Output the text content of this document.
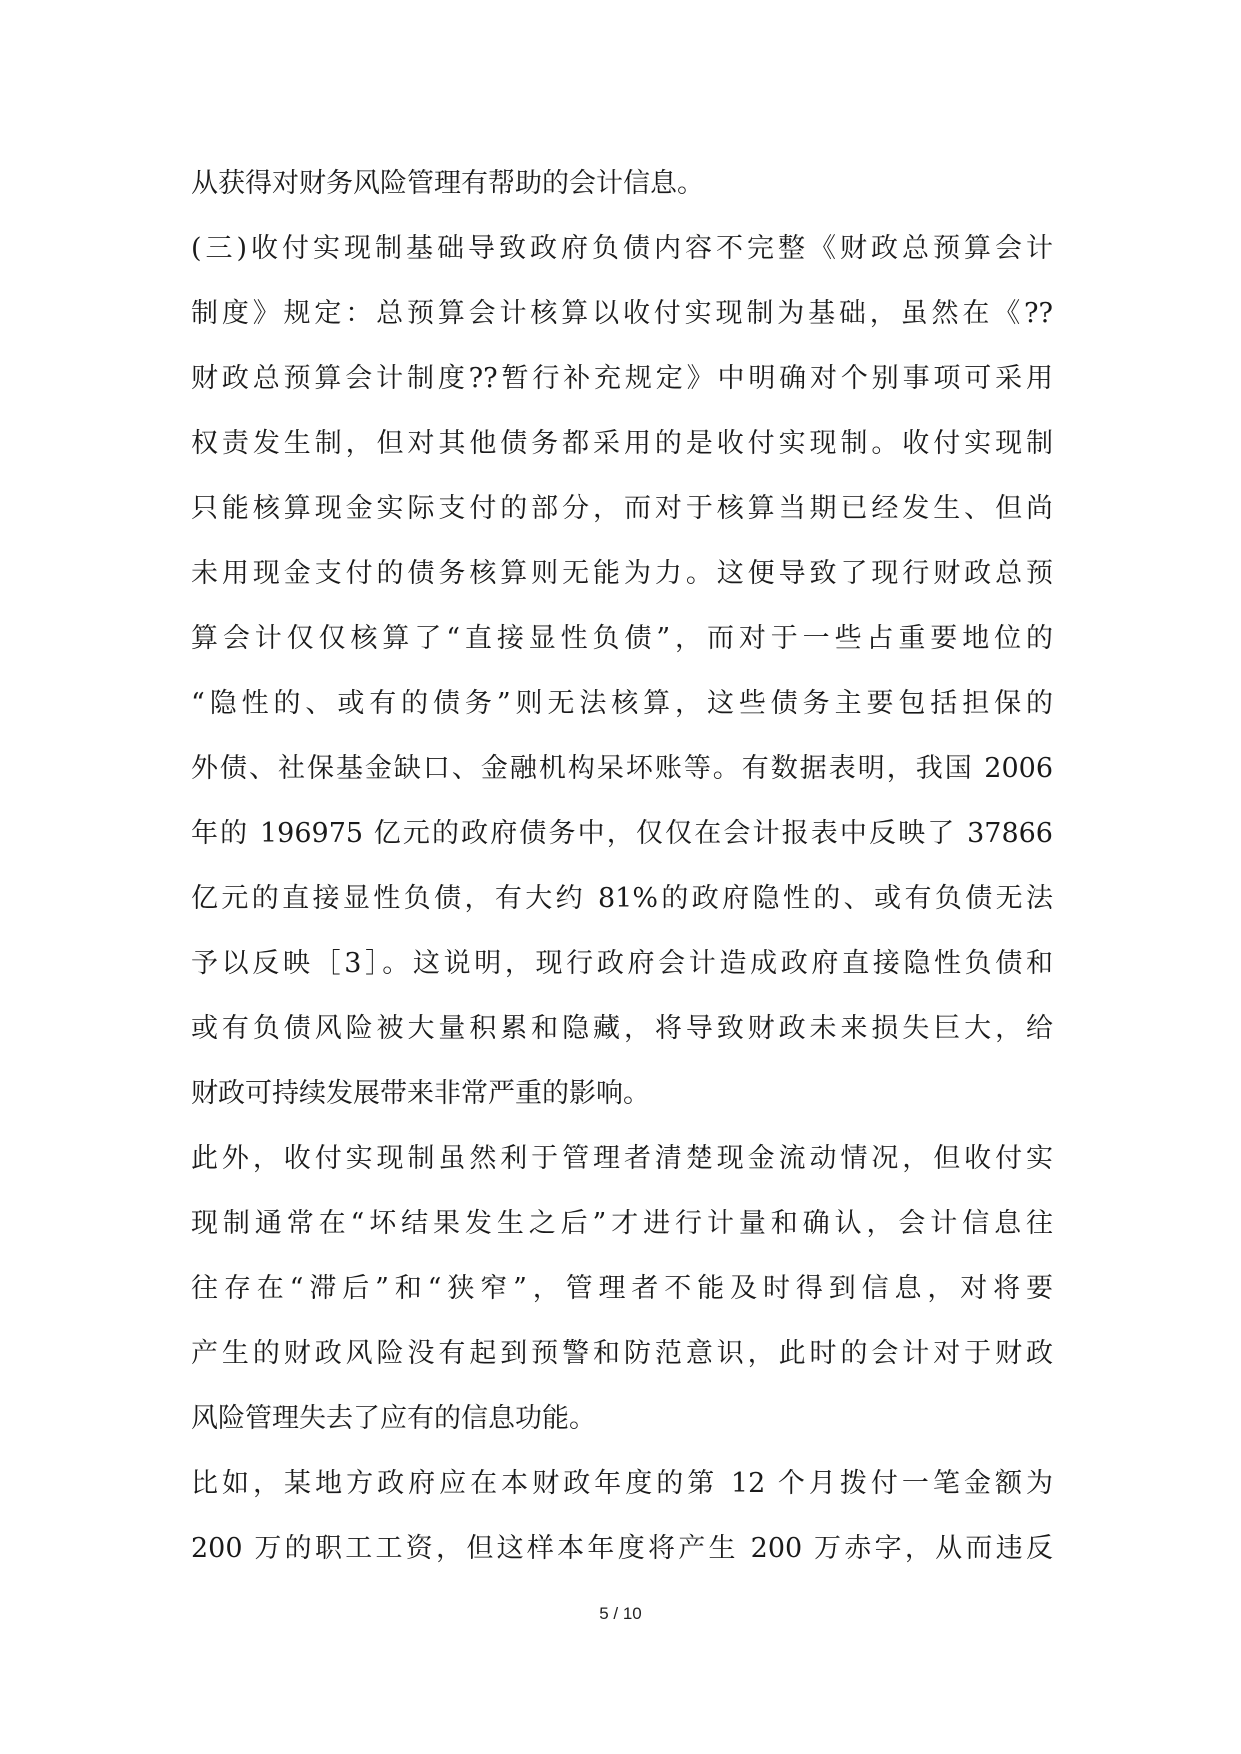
从获得对财务风险管理有帮助的会计信息。
(三)收付实现制基础导致政府负债内容不完整《财政总预算会计
制度》规定：总预算会计核算以收付实现制为基础，虽然在《??
财政总预算会计制度??暂行补充规定》中明确对个别事项可采用
权责发生制，但对其他债务都采用的是收付实现制。收付实现制
只能核算现金实际支付的部分，而对于核算当期已经发生、但尚
未用现金支付的债务核算则无能为力。这便导致了现行财政总预
算会计仅仅核算了“直接显性负债”，而对于一些占重要地位的
“隐性的、或有的债务”则无法核算，这些债务主要包括担保的
外债、社保基金缺口、金融机构呆坏账等。有数据表明，我国 2006
年的 196975 亿元的政府债务中，仅仅在会计报表中反映了 37866
亿元的直接显性负债，有大约 81%的政府隐性的、或有负债无法
予以反映［3］。这说明，现行政府会计造成政府直接隐性负债和
或有负债风险被大量积累和隐藏，将导致财政未来损失巨大，给
财政可持续发展带来非常严重的影响。
此外，收付实现制虽然利于管理者清楚现金流动情况，但收付实
现制通常在“坏结果发生之后”才进行计量和确认，会计信息往
往存在“滞后”和“狭窄”，管理者不能及时得到信息，对将要
产生的财政风险没有起到预警和防范意识，此时的会计对于财政
风险管理失去了应有的信息功能。
比如，某地方政府应在本财政年度的第 12 个月拨付一笔金额为
200 万的职工工资，但这样本年度将产生 200 万赤字，从而违反
5 / 10
